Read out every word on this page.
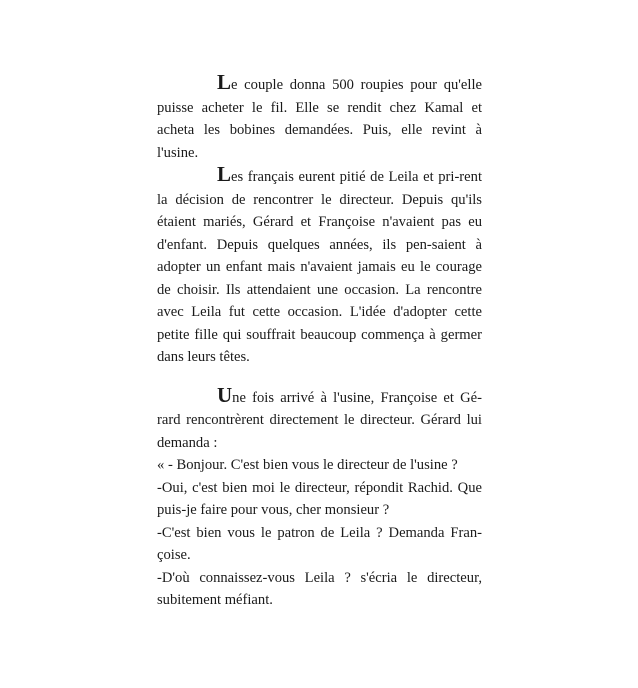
Le couple donna 500 roupies pour qu'elle puisse acheter le fil. Elle se rendit chez Kamal et acheta les bobines demandées. Puis, elle revint à l'usine.

Les français eurent pitié de Leila et pri-rent la décision de rencontrer le directeur. Depuis qu'ils étaient mariés, Gérard et Françoise n'avaient pas eu d'enfant. Depuis quelques années, ils pen-saient à adopter un enfant mais n'avaient jamais eu le courage de choisir. Ils attendaient une occasion. La rencontre avec Leila fut cette occasion. L'idée d'adopter cette petite fille qui souffrait beaucoup commença à germer dans leurs têtes.

Une fois arrivé à l'usine, Françoise et Gé-rard rencontrèrent directement le directeur. Gérard lui demanda :

« - Bonjour. C'est bien vous le directeur de l'usine ?

-Oui, c'est bien moi le directeur, répondit Rachid. Que puis-je faire pour vous, cher monsieur ?

-C'est bien vous le patron de Leila ? Demanda Fran-çoise.

-D'où connaissez-vous Leila ? s'écria le directeur, subitement méfiant.
